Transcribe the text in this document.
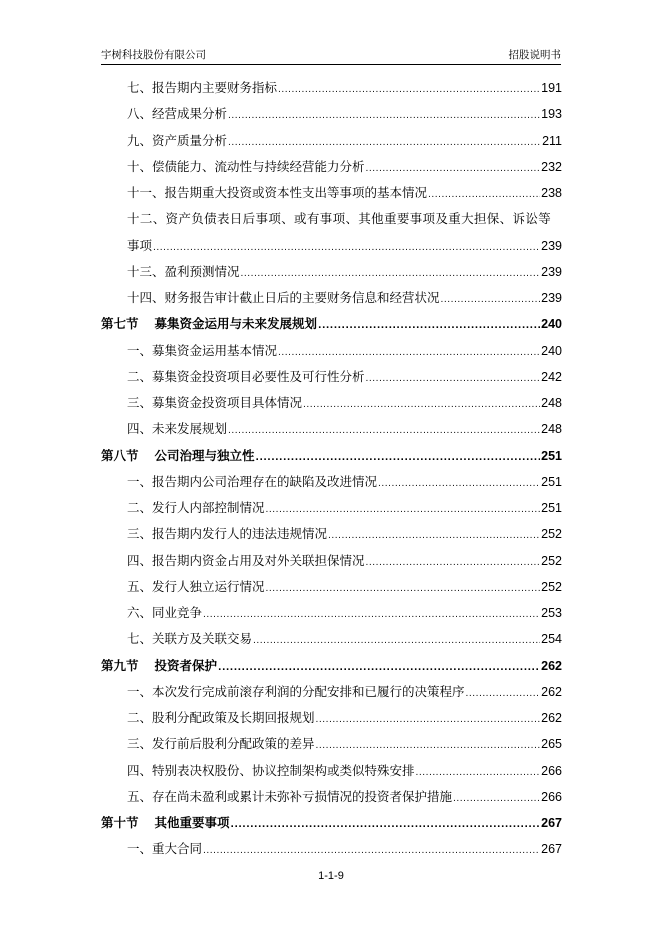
宇树科技股份有限公司	招股说明书
七、报告期内主要财务指标 .....	191
八、经营成果分析 .....	193
九、资产质量分析 .....	211
十、偿债能力、流动性与持续经营能力分析 .....	232
十一、报告期重大投资或资本性支出等事项的基本情况 .....	238
十二、资产负债表日后事项、或有事项、其他重要事项及重大担保、诉讼等
事项 .....	239
十三、盈利预测情况 .....	239
十四、财务报告审计截止日后的主要财务信息和经营状况 .....	239
第七节 募集资金运用与未来发展规划 .....	240
一、募集资金运用基本情况 .....	240
二、募集资金投资项目必要性及可行性分析 .....	242
三、募集资金投资项目具体情况 .....	248
四、未来发展规划 .....	248
第八节 公司治理与独立性 .....	251
一、报告期内公司治理存在的缺陷及改进情况 .....	251
二、发行人内部控制情况 .....	251
三、报告期内发行人的违法违规情况 .....	252
四、报告期内资金占用及对外关联担保情况 .....	252
五、发行人独立运行情况 .....	252
六、同业竞争 .....	253
七、关联方及关联交易 .....	254
第九节 投资者保护 .....	262
一、本次发行完成前滚存利润的分配安排和已履行的决策程序 .....	262
二、股利分配政策及长期回报规划 .....	262
三、发行前后股利分配政策的差异 .....	265
四、特别表决权股份、协议控制架构或类似特殊安排 .....	266
五、存在尚未盈利或累计未弥补亏损情况的投资者保护措施 .....	266
第十节 其他重要事项 .....	267
一、重大合同 .....	267
1-1-9
